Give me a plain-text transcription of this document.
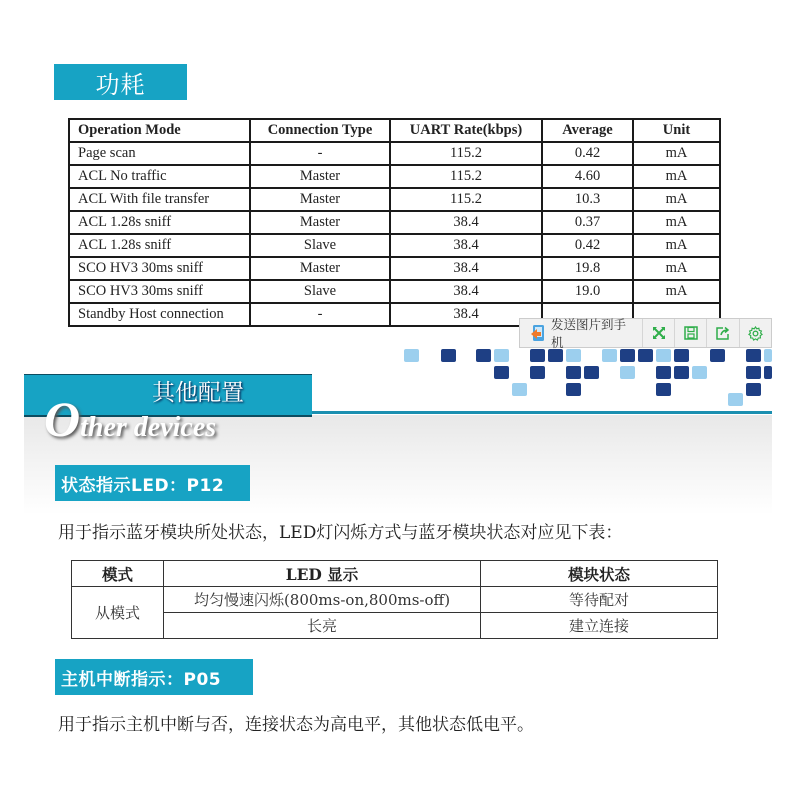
功耗
Operation Mode	Connection Type	UART Rate(kbps)	Average	Unit
Page scan	-	115.2	0.42	mA
ACL No traffic	Master	115.2	4.60	mA
ACL With file transfer	Master	115.2	10.3	mA
ACL 1.28s sniff	Master	38.4	0.37	mA
ACL 1.28s sniff	Slave	38.4	0.42	mA
SCO HV3 30ms sniff	Master	38.4	19.8	mA
SCO HV3 30ms sniff	Slave	38.4	19.0	mA
Standby Host connection	-	38.4		
其他配置
Other devices
状态指示LED：P12
用于指示蓝牙模块所处状态，LED灯闪烁方式与蓝牙模块状态对应见下表：
模式	LED 显示	模块状态
从模式	均匀慢速闪烁(800ms-on,800ms-off)	等待配对
	长亮	建立连接
主机中断指示：P05
用于指示主机中断与否，连接状态为高电平，其他状态低电平。
发送图片到手机
